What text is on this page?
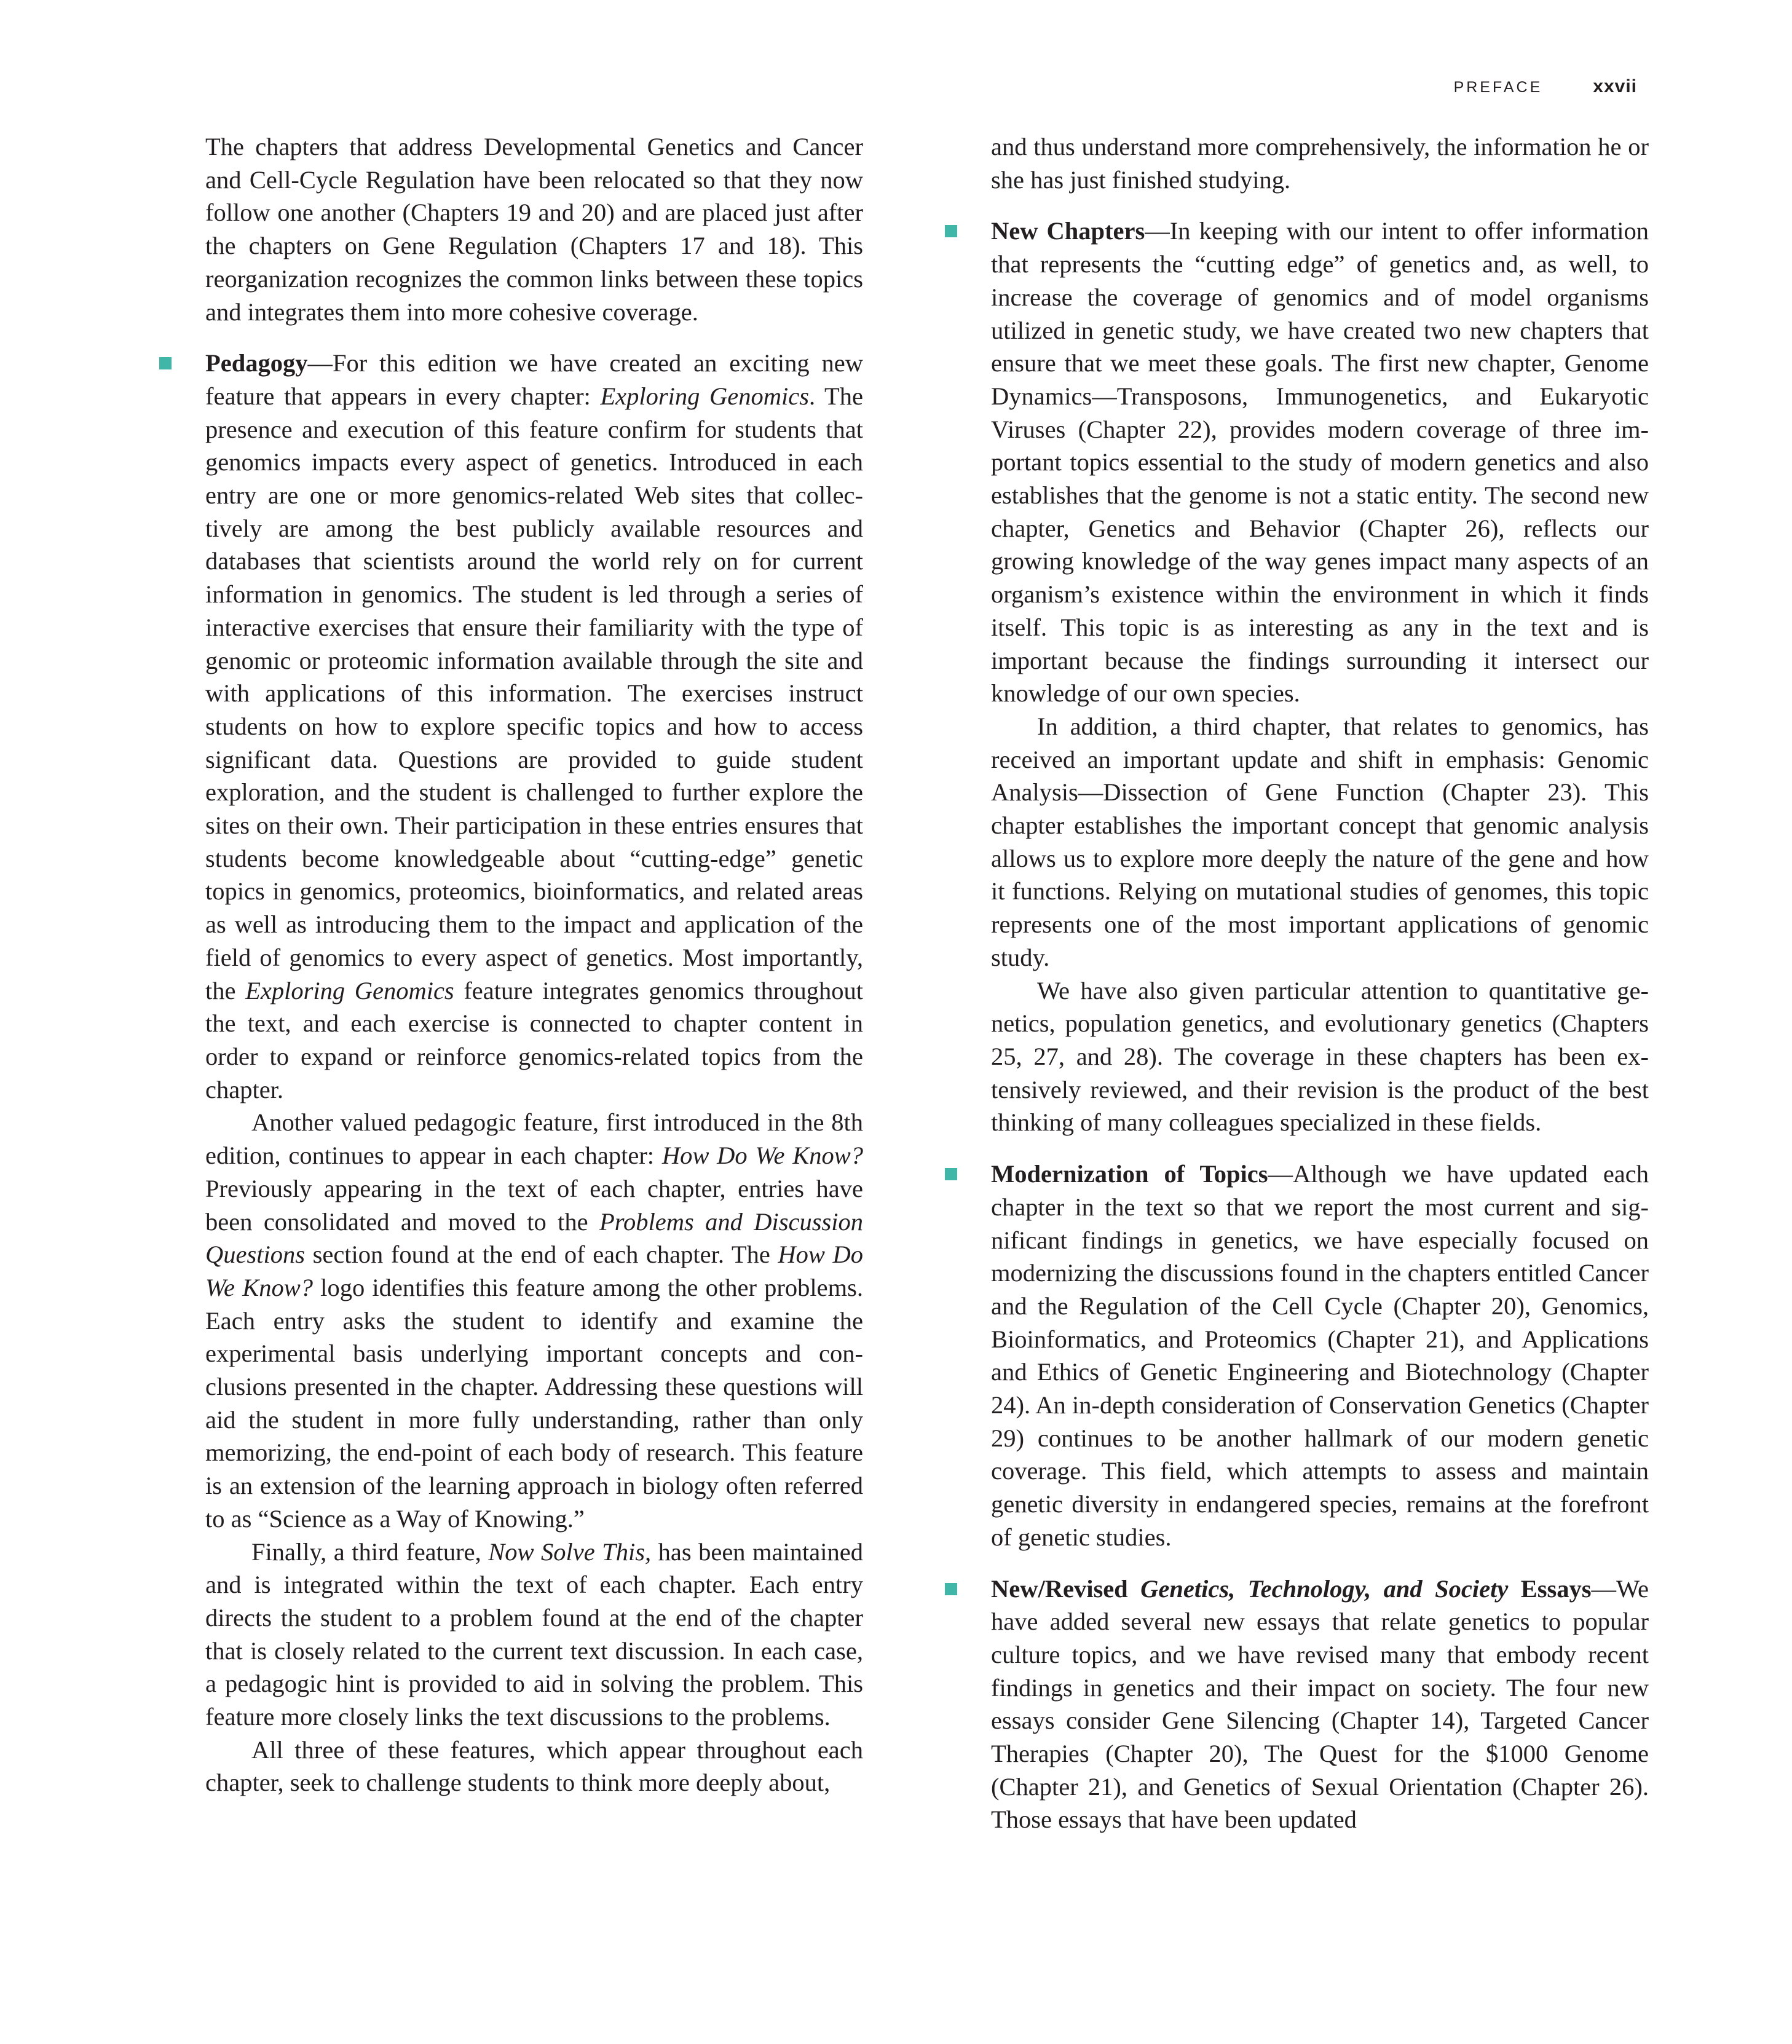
PREFACE	xxvii

The chapters that address Developmental Genetics and Cancer and Cell-Cycle Regulation have been relocated so that they now follow one another (Chapters 19 and 20) and are placed just after the chapters on Gene Regulation (Chapters 17 and 18). This reorganization recognizes the common links between these topics and integrates them into more cohesive coverage.

Pedagogy—For this edition we have created an exciting new feature that appears in every chapter: Exploring Genomics. The presence and execution of this feature confirm for students that genomics impacts every aspect of genetics. Introduced in each entry are one or more genomics-related Web sites that collectively are among the best publicly available resources and databases that scientists around the world rely on for current information in genomics. The student is led through a series of interactive exercises that ensure their familiarity with the type of genomic or proteomic information available through the site and with applications of this information. The exercises instruct students on how to explore specific topics and how to access significant data. Questions are provided to guide student exploration, and the student is challenged to further explore the sites on their own. Their participation in these entries ensures that students become knowledgeable about “cutting-edge” genetic topics in genomics, proteomics, bioinformatics, and related areas as well as introducing them to the impact and application of the field of genomics to every aspect of genetics. Most importantly, the Exploring Genomics feature integrates genomics throughout the text, and each exercise is connected to chapter content in order to expand or reinforce genomics-related topics from the chapter.

Another valued pedagogic feature, first introduced in the 8th edition, continues to appear in each chapter: How Do We Know? Previously appearing in the text of each chapter, entries have been consolidated and moved to the Problems and Discussion Questions section found at the end of each chapter. The How Do We Know? logo identifies this feature among the other problems. Each entry asks the student to identify and examine the experimental basis underlying important concepts and conclusions presented in the chapter. Addressing these questions will aid the student in more fully understanding, rather than only memorizing, the end-point of each body of research. This feature is an extension of the learning approach in biology often referred to as “Science as a Way of Knowing.”

Finally, a third feature, Now Solve This, has been maintained and is integrated within the text of each chapter. Each entry directs the student to a problem found at the end of the chapter that is closely related to the current text discussion. In each case, a pedagogic hint is provided to aid in solving the problem. This feature more closely links the text discussions to the problems.

All three of these features, which appear throughout each chapter, seek to challenge students to think more deeply about,

and thus understand more comprehensively, the information he or she has just finished studying.

New Chapters—In keeping with our intent to offer information that represents the “cutting edge” of genetics and, as well, to increase the coverage of genomics and of model organisms utilized in genetic study, we have created two new chapters that ensure that we meet these goals. The first new chapter, Genome Dynamics—Transposons, Immunogenetics, and Eukaryotic Viruses (Chapter 22), provides modern coverage of three important topics essential to the study of modern genetics and also establishes that the genome is not a static entity. The second new chapter, Genetics and Behavior (Chapter 26), reflects our growing knowledge of the way genes impact many aspects of an organism’s existence within the environment in which it finds itself. This topic is as interesting as any in the text and is important because the findings surrounding it intersect our knowledge of our own species.

In addition, a third chapter, that relates to genomics, has received an important update and shift in emphasis: Genomic Analysis—Dissection of Gene Function (Chapter 23). This chapter establishes the important concept that genomic analysis allows us to explore more deeply the nature of the gene and how it functions. Relying on mutational studies of genomes, this topic represents one of the most important applications of genomic study.

We have also given particular attention to quantitative genetics, population genetics, and evolutionary genetics (Chapters 25, 27, and 28). The coverage in these chapters has been extensively reviewed, and their revision is the product of the best thinking of many colleagues specialized in these fields.

Modernization of Topics—Although we have updated each chapter in the text so that we report the most current and significant findings in genetics, we have especially focused on modernizing the discussions found in the chapters entitled Cancer and the Regulation of the Cell Cycle (Chapter 20), Genomics, Bioinformatics, and Proteomics (Chapter 21), and Applications and Ethics of Genetic Engineering and Biotechnology (Chapter 24). An in-depth consideration of Conservation Genetics (Chapter 29) continues to be another hallmark of our modern genetic coverage. This field, which attempts to assess and maintain genetic diversity in endangered species, remains at the forefront of genetic studies.

New/Revised Genetics, Technology, and Society Essays—We have added several new essays that relate genetics to popular culture topics, and we have revised many that embody recent findings in genetics and their impact on society. The four new essays consider Gene Silencing (Chapter 14), Targeted Cancer Therapies (Chapter 20), The Quest for the $1000 Genome (Chapter 21), and Genetics of Sexual Orientation (Chapter 26). Those essays that have been updated
